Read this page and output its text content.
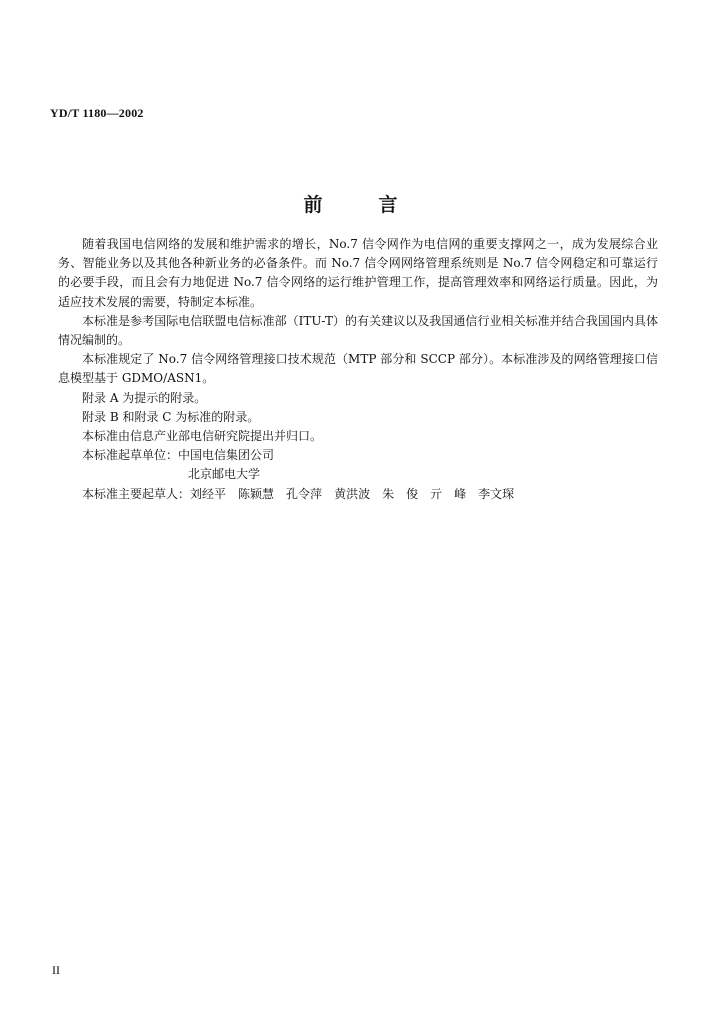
YD/T 1180—2002
前	言

随着我国电信网络的发展和维护需求的增长，No.7 信令网作为电信网的重要支撑网之一，成为发展综合业务、智能业务以及其他各种新业务的必备条件。而 No.7 信令网网络管理系统则是 No.7 信令网稳定和可靠运行的必要手段，而且会有力地促进 No.7 信令网络的运行维护管理工作，提高管理效率和网络运行质量。因此，为适应技术发展的需要，特制定本标准。

本标准是参考国际电信联盟电信标准部（ITU-T）的有关建议以及我国通信行业相关标准并结合我国国内具体情况编制的。

本标准规定了 No.7 信令网络管理接口技术规范（MTP 部分和 SCCP 部分）。本标准涉及的网络管理接口信息模型基于 GDMO/ASN1。

附录 A 为提示的附录。

附录 B 和附录 C 为标准的附录。

本标准由信息产业部电信研究院提出并归口。

本标准起草单位：中国电信集团公司

北京邮电大学

本标准主要起草人：刘经平 陈颖慧 孔令萍 黄洪波 朱　俊 亓　峰 李文琛

II
